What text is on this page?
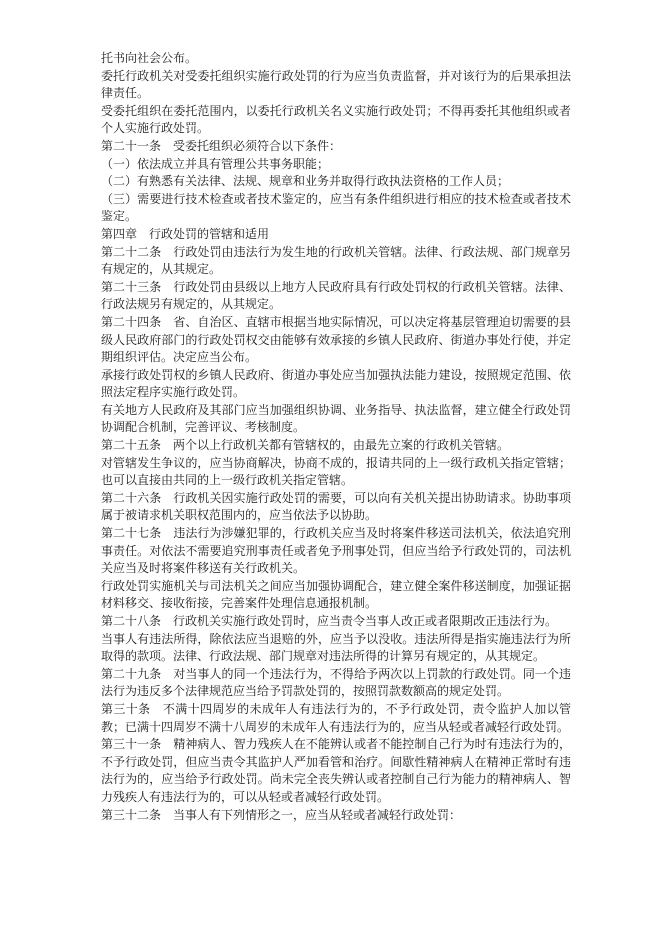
托书向社会公布。

委托行政机关对受委托组织实施行政处罚的行为应当负责监督，并对该行为的后果承担法律责任。

受委托组织在委托范围内，以委托行政机关名义实施行政处罚；不得再委托其他组织或者个人实施行政处罚。

第二十一条　受委托组织必须符合以下条件：

（一）依法成立并具有管理公共事务职能；

（二）有熟悉有关法律、法规、规章和业务并取得行政执法资格的工作人员；

（三）需要进行技术检查或者技术鉴定的，应当有条件组织进行相应的技术检查或者技术鉴定。

第四章　行政处罚的管辖和适用

第二十二条　行政处罚由违法行为发生地的行政机关管辖。法律、行政法规、部门规章另有规定的，从其规定。

第二十三条　行政处罚由县级以上地方人民政府具有行政处罚权的行政机关管辖。法律、行政法规另有规定的，从其规定。

第二十四条　省、自治区、直辖市根据当地实际情况，可以决定将基层管理迫切需要的县级人民政府部门的行政处罚权交由能够有效承接的乡镇人民政府、街道办事处行使，并定期组织评估。决定应当公布。

承接行政处罚权的乡镇人民政府、街道办事处应当加强执法能力建设，按照规定范围、依照法定程序实施行政处罚。

有关地方人民政府及其部门应当加强组织协调、业务指导、执法监督，建立健全行政处罚协调配合机制，完善评议、考核制度。

第二十五条　两个以上行政机关都有管辖权的，由最先立案的行政机关管辖。

对管辖发生争议的，应当协商解决，协商不成的，报请共同的上一级行政机关指定管辖；也可以直接由共同的上一级行政机关指定管辖。

第二十六条　行政机关因实施行政处罚的需要，可以向有关机关提出协助请求。协助事项属于被请求机关职权范围内的，应当依法予以协助。

第二十七条　违法行为涉嫌犯罪的，行政机关应当及时将案件移送司法机关，依法追究刑事责任。对依法不需要追究刑事责任或者免予刑事处罚，但应当给予行政处罚的，司法机关应当及时将案件移送有关行政机关。

行政处罚实施机关与司法机关之间应当加强协调配合，建立健全案件移送制度，加强证据材料移交、接收衔接，完善案件处理信息通报机制。

第二十八条　行政机关实施行政处罚时，应当责令当事人改正或者限期改正违法行为。

当事人有违法所得，除依法应当退赔的外，应当予以没收。违法所得是指实施违法行为所取得的款项。法律、行政法规、部门规章对违法所得的计算另有规定的，从其规定。

第二十九条　对当事人的同一个违法行为，不得给予两次以上罚款的行政处罚。同一个违法行为违反多个法律规范应当给予罚款处罚的，按照罚款数额高的规定处罚。

第三十条　不满十四周岁的未成年人有违法行为的，不予行政处罚，责令监护人加以管教；已满十四周岁不满十八周岁的未成年人有违法行为的，应当从轻或者减轻行政处罚。

第三十一条　精神病人、智力残疾人在不能辨认或者不能控制自己行为时有违法行为的，不予行政处罚，但应当责令其监护人严加看管和治疗。间歇性精神病人在精神正常时有违法行为的，应当给予行政处罚。尚未完全丧失辨认或者控制自己行为能力的精神病人、智力残疾人有违法行为的，可以从轻或者减轻行政处罚。

第三十二条　当事人有下列情形之一，应当从轻或者减轻行政处罚：
